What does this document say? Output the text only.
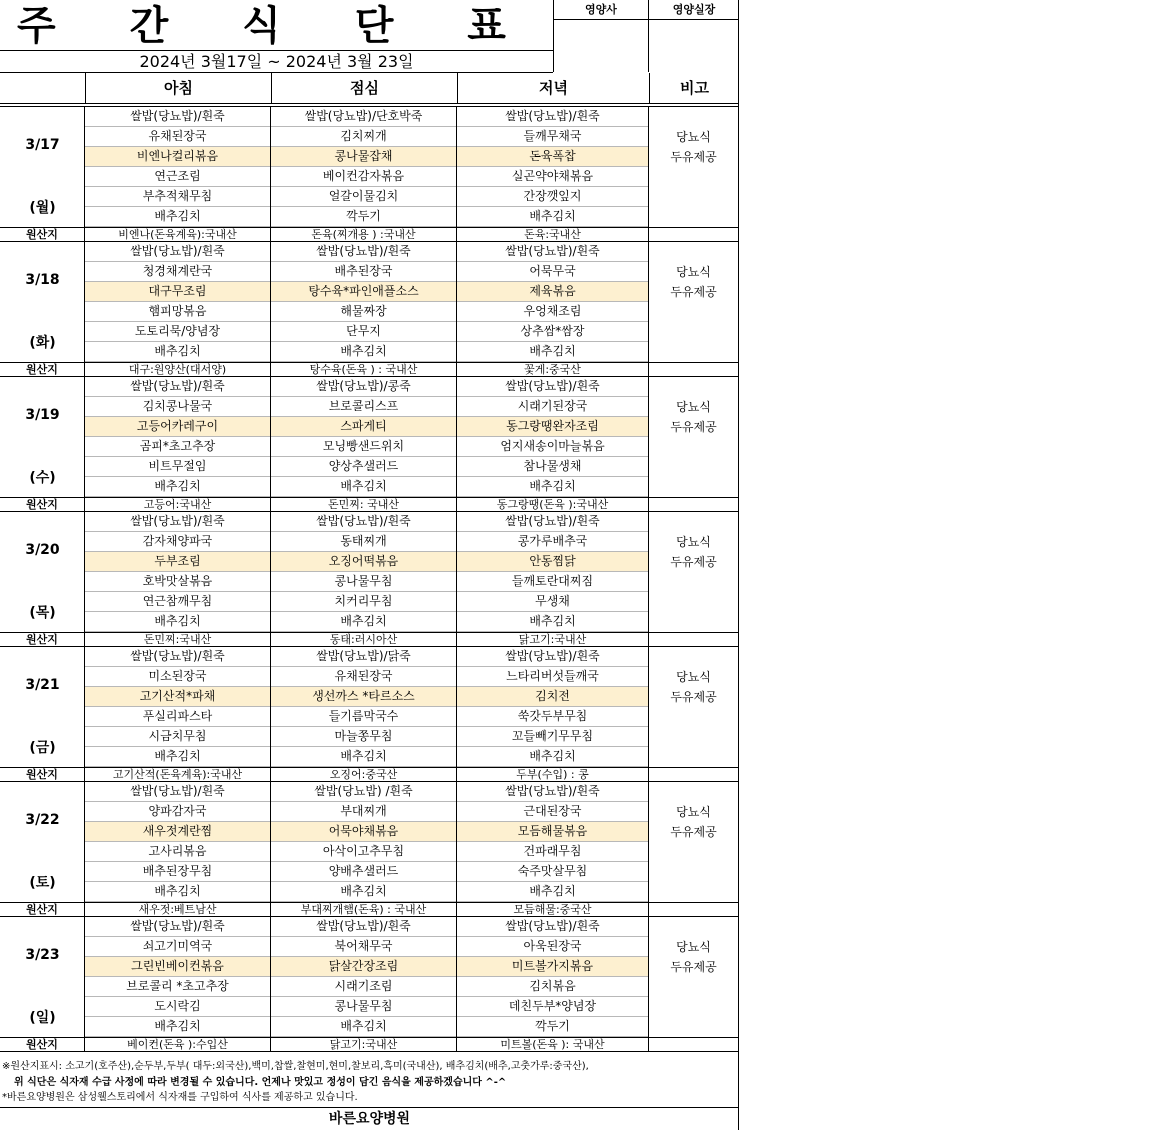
주 간 식 단 표
2024년 3월17일 ~ 2024년 3월 23일
영양사	영양실장
아침	점심	저녁	비고
3/17
(월)
쌀밥(당뇨밥)/흰죽	쌀밥(당뇨밥)/단호박죽	쌀밥(당뇨밥)/흰죽
유채된장국	김치찌개	들깨무채국	당뇨식
비엔나컬리볶음	콩나물잡채	돈육폭찹	두유제공
연근조림	베이컨감자볶음	실곤약야채볶음
부추적채무침	얼갈이물김치	간장깻잎지
배추김치	깍두기	배추김치
원산지	비엔나(돈육계육):국내산	돈육(찌개용 ) :국내산	돈육:국내산
3/18
(화)
쌀밥(당뇨밥)/흰죽	쌀밥(당뇨밥)/흰죽	쌀밥(당뇨밥)/흰죽
청경채계란국	배추된장국	어묵무국	당뇨식
대구무조림	탕수육*파인애플소스	제육볶음	두유제공
햄피망볶음	해물짜장	우엉채조림
도토리묵/양념장	단무지	상추쌈*쌈장
배추김치	배추김치	배추김치
원산지	대구:원양산(대서양)	탕수육(돈육 ) : 국내산	꽃게:중국산
3/19
(수)
쌀밥(당뇨밥)/흰죽	쌀밥(당뇨밥)/콩죽	쌀밥(당뇨밥)/흰죽
김치콩나물국	브로콜리스프	시래기된장국	당뇨식
고등어카레구이	스파게티	동그랑땡완자조림	두유제공
곰피*초고추장	모닝빵샌드위치	엄지새송이마늘볶음
비트무절임	양상추샐러드	참나물생채
배추김치	배추김치	배추김치
원산지	고등어:국내산	돈민찌: 국내산	동그랑땡(돈육 ):국내산
3/20
(목)
쌀밥(당뇨밥)/흰죽	쌀밥(당뇨밥)/흰죽	쌀밥(당뇨밥)/흰죽
감자채양파국	동태찌개	콩가루배추국	당뇨식
두부조림	오징어떡볶음	안동찜닭	두유제공
호박맛살볶음	콩나물무침	들깨토란대찌짐
연근참깨무침	치커리무침	무생채
배추김치	배추김치	배추김치
원산지	돈민찌:국내산	동태:러시아산	닭고기:국내산
3/21
(금)
쌀밥(당뇨밥)/흰죽	쌀밥(당뇨밥)/닭죽	쌀밥(당뇨밥)/흰죽
미소된장국	유채된장국	느타리버섯들깨국	당뇨식
고기산적*파채	생선까스 *타르소스	김치전	두유제공
푸실리파스타	들기름막국수	쑥갓두부무침
시금치무침	마늘쫑무침	꼬들빼기무무침
배추김치	배추김치	배추김치
원산지	고기산적(돈육계육):국내산	오징어:중국산	두부(수입) : 콩
3/22
(토)
쌀밥(당뇨밥)/흰죽	쌀밥(당뇨밥) /흰죽	쌀밥(당뇨밥)/흰죽
양파감자국	부대찌개	근대된장국	당뇨식
새우젓계란찜	어묵야채볶음	모듬해물볶음	두유제공
고사리볶음	아삭이고추무침	건파래무침
배추된장무침	양배추샐러드	숙주맛살무침
배추김치	배추김치	배추김치
원산지	새우젓:베트남산	부대찌개햄(돈육) : 국내산	모듬해물:중국산
3/23
(일)
쌀밥(당뇨밥)/흰죽	쌀밥(당뇨밥)/흰죽	쌀밥(당뇨밥)/흰죽
쇠고기미역국	북어채무국	아욱된장국	당뇨식
그린빈베이컨볶음	닭살간장조림	미트볼가지볶음	두유제공
브로콜리 *초고추장	시래기조림	김치볶음
도시락김	콩나물무침	데친두부*양념장
배추김치	배추김치	깍두기
원산지	베이컨(돈육 ):수입산	닭고기:국내산	미트볼(돈육 ): 국내산
※원산지표시: 소고기(호주산),순두부,두부( 대두:외국산),백미,찹쌀,찰현미,현미,찰보리,흑미(국내산), 배추김치(배추,고춧가루:중국산),
위 식단은 식자재 수급 사정에 따라 변경될 수 있습니다. 언제나 맛있고 정성이 담긴 음식을 제공하겠습니다 ^-^
*바른요양병원은 삼성웰스토리에서 식자재를 구입하여 식사를 제공하고 있습니다.
바른요양병원
